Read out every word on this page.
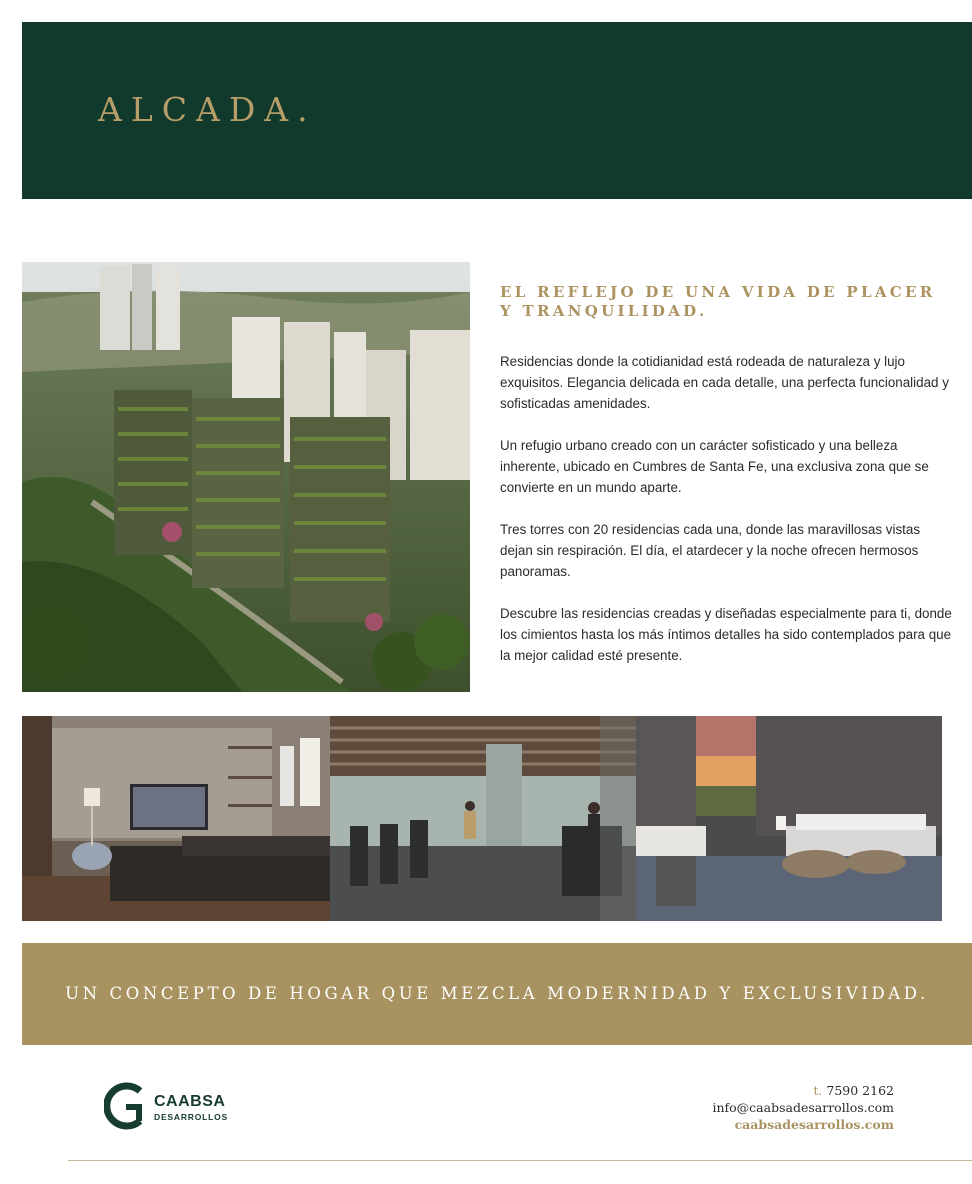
ALCADA.
EL REFLEJO DE UNA VIDA DE PLACER
Y TRANQUILIDAD.

Residencias donde la cotidianidad está rodeada de naturaleza y lujo exquisitos. Elegancia delicada en cada detalle, una perfecta funcionalidad y sofisticadas amenidades.

Un refugio urbano creado con un carácter sofisticado y una belleza inherente, ubicado en Cumbres de Santa Fe, una exclusiva zona que se convierte en un mundo aparte.

Tres torres con 20 residencias cada una, donde las maravillosas vistas dejan sin respiración. El día, el atardecer y la noche ofrecen hermosos panoramas.

Descubre las residencias creadas y diseñadas especialmente para ti, donde los cimientos hasta los más íntimos detalles ha sido contemplados para que la mejor calidad esté presente.

UN CONCEPTO DE HOGAR QUE MEZCLA MODERNIDAD Y EXCLUSIVIDAD.

CAABSA
DESARROLLOS
t. 7590 2162
info@caabsadesarrollos.com
caabsadesarrollos.com
